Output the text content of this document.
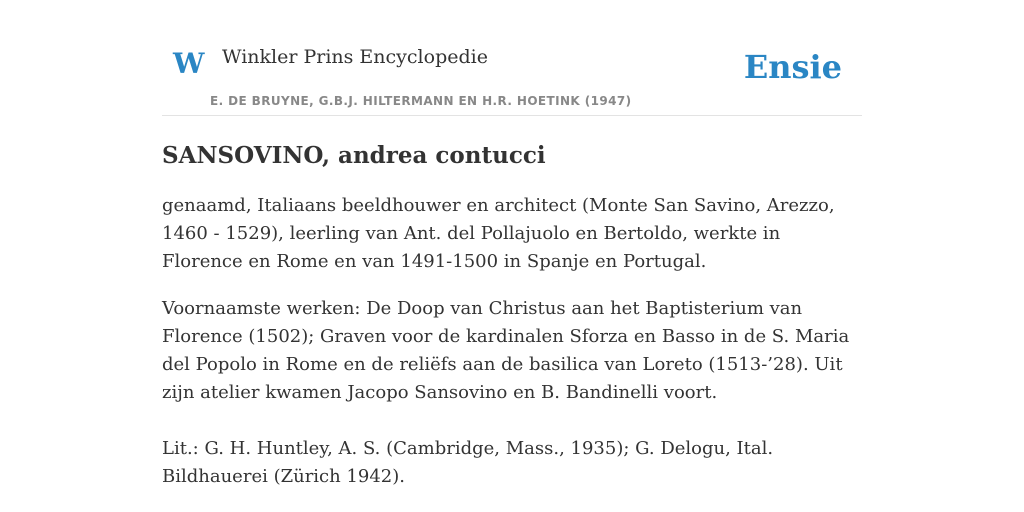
W Winkler Prins Encyclopedie
E. DE BRUYNE, G.B.J. HILTERMANN EN H.R. HOETINK (1947)
Ensie
SANSOVINO, andrea contucci

genaamd, Italiaans beeldhouwer en architect (Monte San Savino, Arezzo, 1460 - 1529), leerling van Ant. del Pollajuolo en Bertoldo, werkte in Florence en Rome en van 1491-1500 in Spanje en Portugal.

Voornaamste werken: De Doop van Christus aan het Baptisterium van Florence (1502); Graven voor de kardinalen Sforza en Basso in de S. Maria del Popolo in Rome en de reliëfs aan de basilica van Loreto (1513-’28). Uit zijn atelier kwamen Jacopo Sansovino en B. Bandinelli voort.

Lit.: G. H. Huntley, A. S. (Cambridge, Mass., 1935); G. Delogu, Ital. Bildhauerei (Zürich 1942).
